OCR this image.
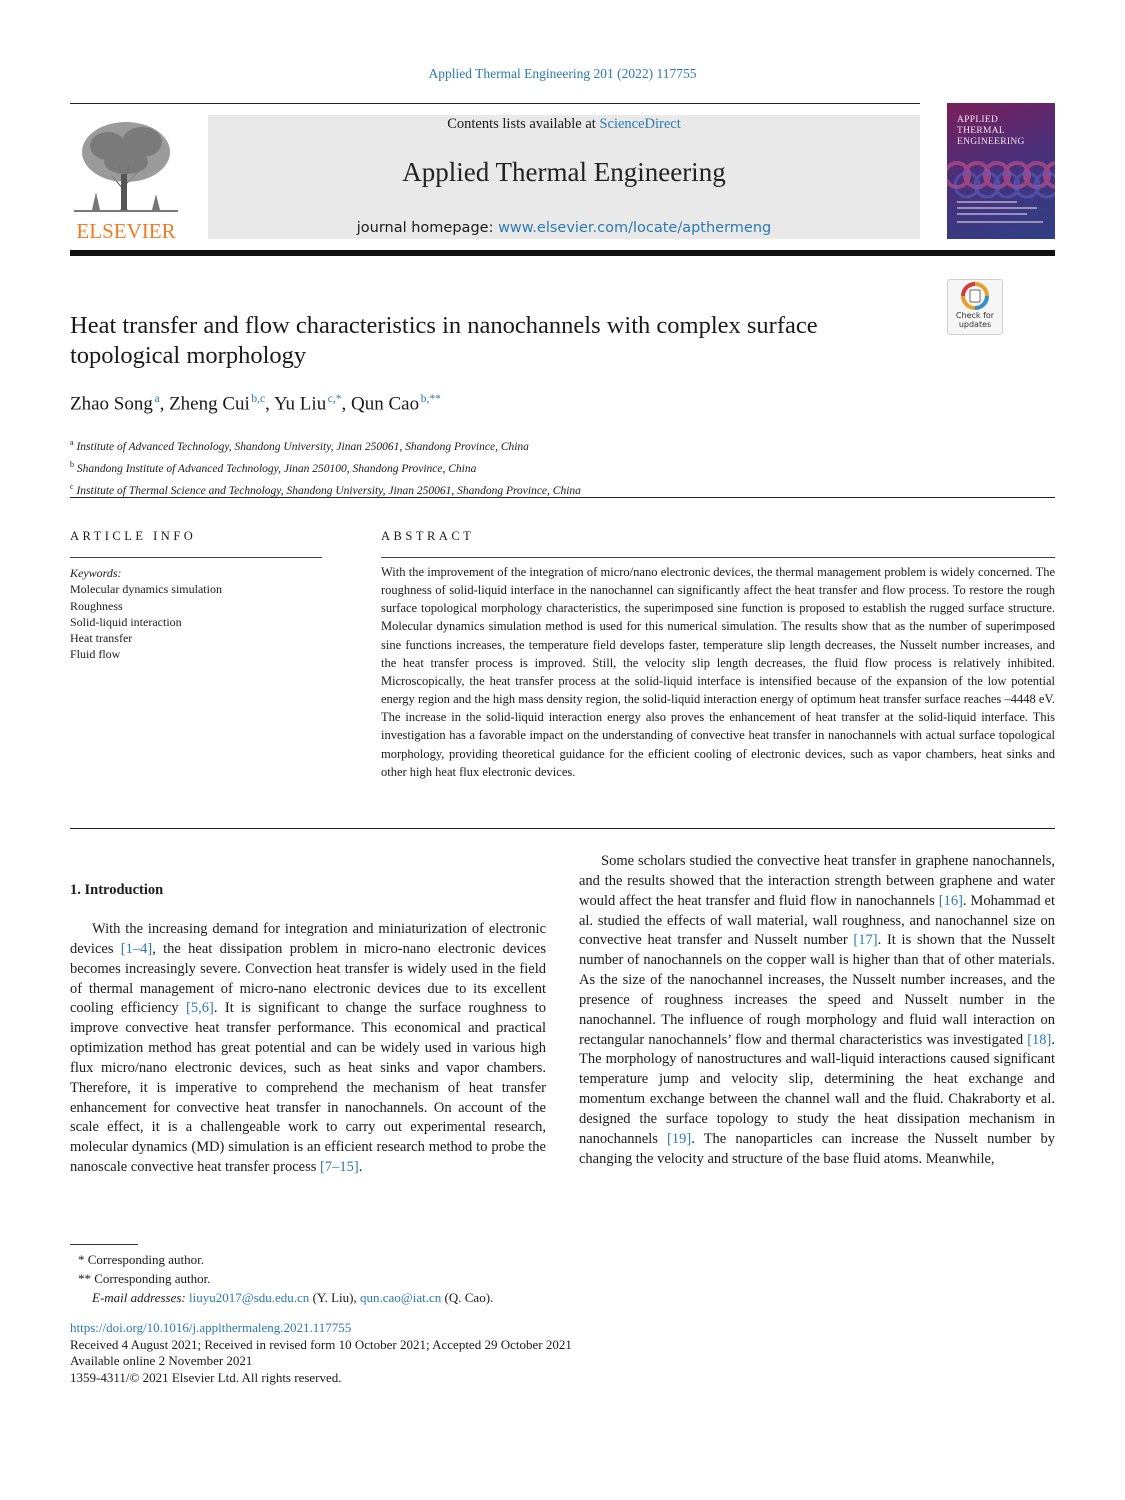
Applied Thermal Engineering 201 (2022) 117755
ELSEVIER
Contents lists available at ScienceDirect
Applied Thermal Engineering
journal homepage: www.elsevier.com/locate/apthermeng
APPLIED THERMAL ENGINEERING
Check for updates
Heat transfer and flow characteristics in nanochannels with complex surface topological morphology
Zhao Song  $^a$, Zheng Cui  $^{b,c}$, Yu Liu  $^{c,*}$, Qun Cao  $^{b,**}$
$^a$ Institute of Advanced Technology, Shandong University, Jinan 250061, Shandong Province, China
$^b$ Shandong Institute of Advanced Technology, Jinan 250100, Shandong Province, China
$^c$ Institute of Thermal Science and Technology, Shandong University, Jinan 250061, Shandong Province, China
ARTICLE INFO	ABSTRACT
Keywords:
Molecular dynamics simulation
Roughness
Solid-liquid interaction
Heat transfer
Fluid flow
With the improvement of the integration of micro/nano electronic devices, the thermal management problem is widely concerned. The roughness of solid-liquid interface in the nanochannel can significantly affect the heat transfer and flow process. To restore the rough surface topological morphology characteristics, the superimposed sine function is proposed to establish the rugged surface structure. Molecular dynamics simulation method is used for this numerical simulation. The results show that as the number of superimposed sine functions increases, the temperature field develops faster, temperature slip length decreases, the Nusselt number increases, and the heat transfer process is improved. Still, the velocity slip length decreases, the fluid flow process is relatively inhibited. Microscopically, the heat transfer process at the solid-liquid interface is intensified because of the expansion of the low potential energy region and the high mass density region, the solid-liquid interaction energy of optimum heat transfer surface reaches –4448 eV. The increase in the solid-liquid interaction energy also proves the enhancement of heat transfer at the solid-liquid interface. This investigation has a favorable impact on the understanding of convective heat transfer in nanochannels with actual surface topological morphology, providing theoretical guidance for the efficient cooling of electronic devices, such as vapor chambers, heat sinks and other high heat flux electronic devices.
1. Introduction
With the increasing demand for integration and miniaturization of electronic devices [1–4], the heat dissipation problem in micro-nano electronic devices becomes increasingly severe. Convection heat transfer is widely used in the field of thermal management of micro-nano electronic devices due to its excellent cooling efficiency [5,6]. It is significant to change the surface roughness to improve convective heat transfer performance. This economical and practical optimization method has great potential and can be widely used in various high flux micro/nano electronic devices, such as heat sinks and vapor chambers. Therefore, it is imperative to comprehend the mechanism of heat transfer enhancement for convective heat transfer in nanochannels. On account of the scale effect, it is a challengeable work to carry out experimental research, molecular dynamics (MD) simulation is an efficient research method to probe the nanoscale convective heat transfer process [7–15].
Some scholars studied the convective heat transfer in graphene nanochannels, and the results showed that the interaction strength between graphene and water would affect the heat transfer and fluid flow in nanochannels [16]. Mohammad et al. studied the effects of wall material, wall roughness, and nanochannel size on convective heat transfer and Nusselt number [17]. It is shown that the Nusselt number of nanochannels on the copper wall is higher than that of other materials. As the size of the nanochannel increases, the Nusselt number increases, and the presence of roughness increases the speed and Nusselt number in the nanochannel. The influence of rough morphology and fluid wall interaction on rectangular nanochannels’ flow and thermal characteristics was investigated [18]. The morphology of nanostructures and wall-liquid interactions caused significant temperature jump and velocity slip, determining the heat exchange and momentum exchange between the channel wall and the fluid. Chakraborty et al. designed the surface topology to study the heat dissipation mechanism in nanochannels [19]. The nanoparticles can increase the Nusselt number by changing the velocity and structure of the base fluid atoms. Meanwhile,
* Corresponding author.
** Corresponding author.
E-mail addresses: liuyu2017@sdu.edu.cn (Y. Liu), qun.cao@iat.cn (Q. Cao).
https://doi.org/10.1016/j.applthermaleng.2021.117755
Received 4 August 2021; Received in revised form 10 October 2021; Accepted 29 October 2021
Available online 2 November 2021
1359-4311/© 2021 Elsevier Ltd. All rights reserved.
